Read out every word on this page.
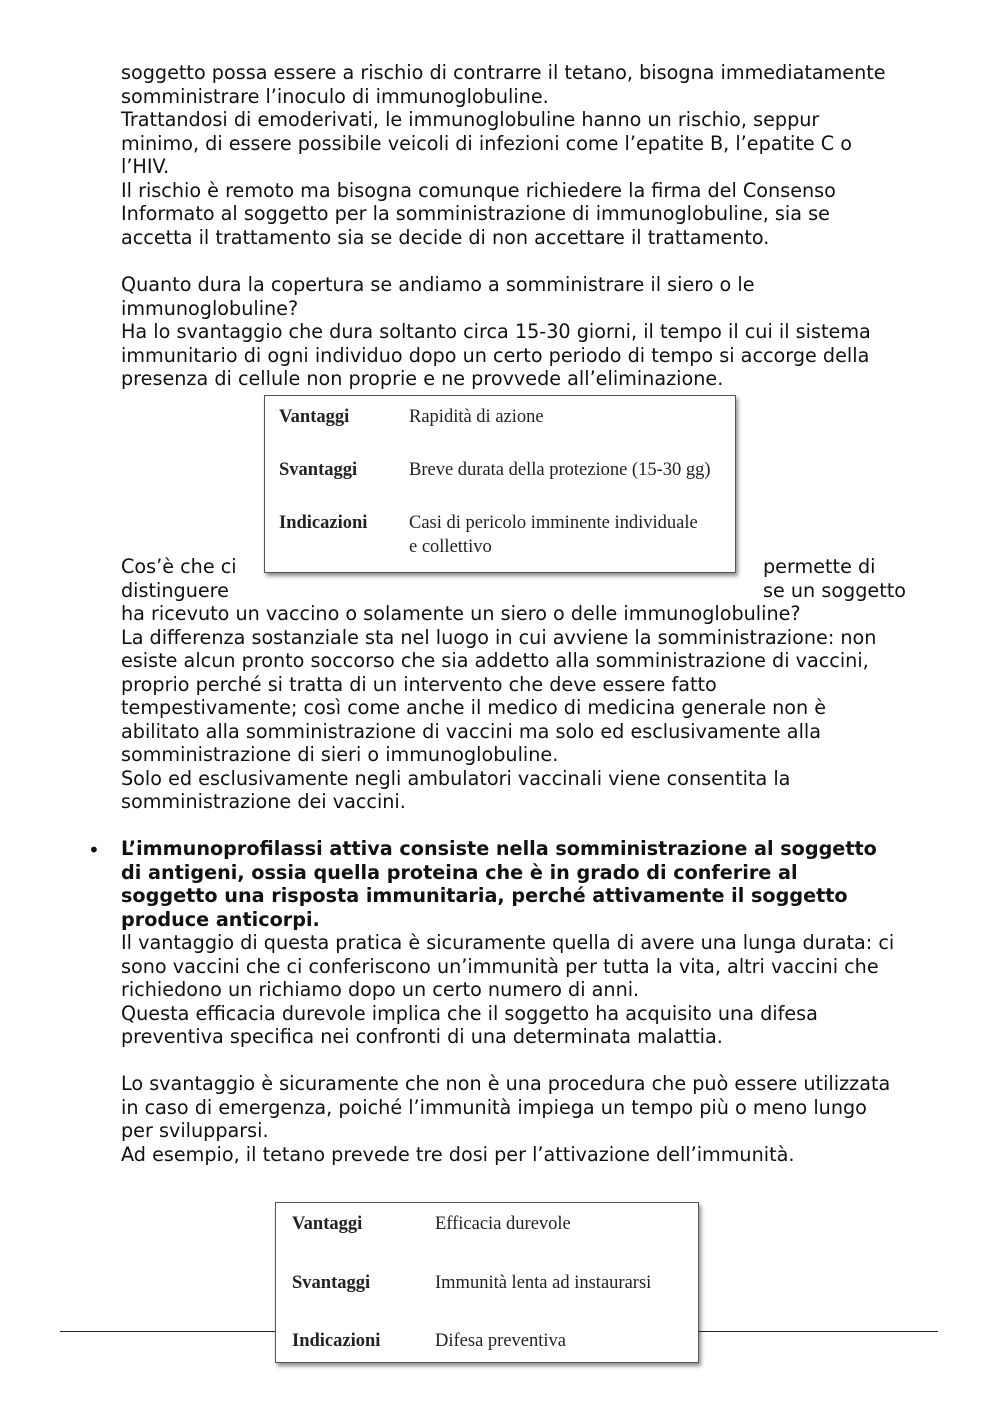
soggetto possa essere a rischio di contrarre il tetano, bisogna immediatamente

somministrare l’inoculo di immunoglobuline.

Trattandosi di emoderivati, le immunoglobuline hanno un rischio, seppur

minimo, di essere possibile veicoli di infezioni come l’epatite B, l’epatite C o

l’HIV.

Il rischio è remoto ma bisogna comunque richiedere la firma del Consenso

Informato al soggetto per la somministrazione di immunoglobuline, sia se

accetta il trattamento sia se decide di non accettare il trattamento.

Quanto dura la copertura se andiamo a somministrare il siero o le

immunoglobuline?

Ha lo svantaggio che dura soltanto circa 15-30 giorni, il tempo il cui il sistema

immunitario di ogni individuo dopo un certo periodo di tempo si accorge della

presenza di cellule non proprie e ne provvede all’eliminazione.

Vantaggi	Rapidità di azione
Svantaggi	Breve durata della protezione (15-30 gg)
Indicazioni Casi di pericolo imminente individuale
e collettivo

Cos’è che ci	permette di

distinguere	se un soggetto

ha ricevuto un vaccino o solamente un siero o delle immunoglobuline?

La differenza sostanziale sta nel luogo in cui avviene la somministrazione: non

esiste alcun pronto soccorso che sia addetto alla somministrazione di vaccini,

proprio perché si tratta di un intervento che deve essere fatto

tempestivamente; così come anche il medico di medicina generale non è

abilitato alla somministrazione di vaccini ma solo ed esclusivamente alla

somministrazione di sieri o immunoglobuline.

Solo ed esclusivamente negli ambulatori vaccinali viene consentita la

somministrazione dei vaccini.

• L’immunoprofilassi attiva consiste nella somministrazione al soggetto

di antigeni, ossia quella proteina che è in grado di conferire al

soggetto una risposta immunitaria, perché attivamente il soggetto

produce anticorpi.

Il vantaggio di questa pratica è sicuramente quella di avere una lunga durata: ci

sono vaccini che ci conferiscono un’immunità per tutta la vita, altri vaccini che

richiedono un richiamo dopo un certo numero di anni.

Questa efficacia durevole implica che il soggetto ha acquisito una difesa

preventiva specifica nei confronti di una determinata malattia.

Lo svantaggio è sicuramente che non è una procedura che può essere utilizzata

in caso di emergenza, poiché l’immunità impiega un tempo più o meno lungo

per svilupparsi.

Ad esempio, il tetano prevede tre dosi per l’attivazione dell’immunità.

Vantaggi	Efficacia durevole
Svantaggi	Immunità lenta ad instaurarsi
Indicazioni	Difesa preventiva
